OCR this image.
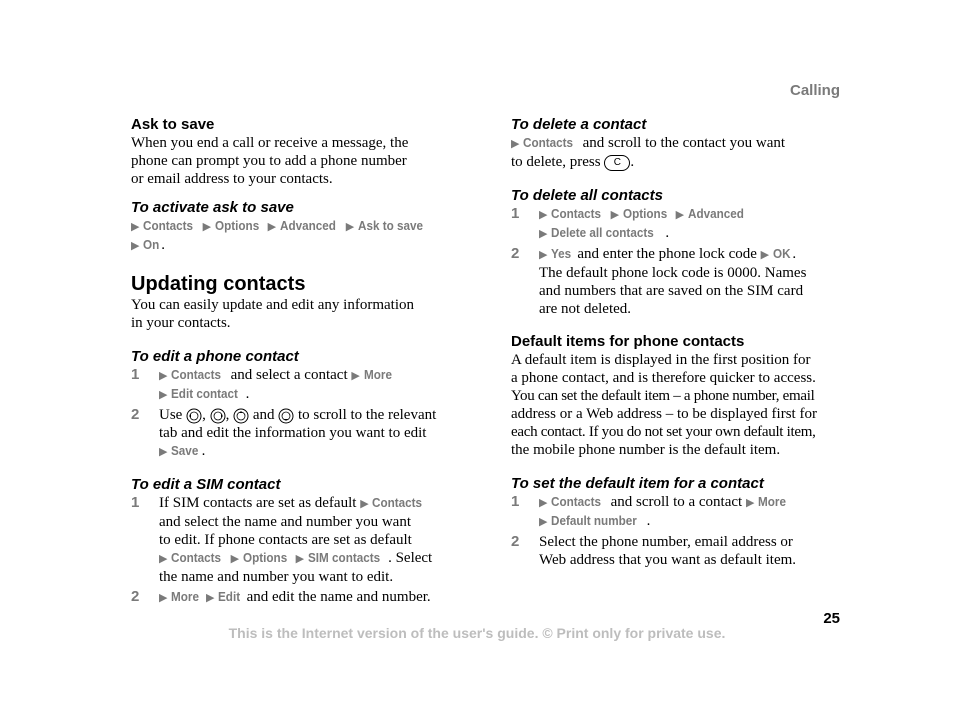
Calling
Ask to save
When you end a call or receive a message, the
phone can prompt you to add a phone number
or email address to your contacts.
To activate ask to save
▶ Contacts ▶ Options ▶ Advanced ▶ Ask to save
▶ On .
Updating contacts
You can easily update and edit any information
in your contacts.
To edit a phone contact
1	▶ Contacts and select a contact ▶ More
▶ Edit contact .
2	Use , ,  and  to scroll to the relevant
tab and edit the information you want to edit
▶ Save .
To edit a SIM contact
1	If SIM contacts are set as default ▶ Contacts
and select the name and number you want
to edit. If phone contacts are set as default
▶ Contacts ▶ Options ▶ SIM contacts . Select
the name and number you want to edit.
2	▶ More ▶ Edit and edit the name and number.
To delete a contact
▶ Contacts and scroll to the contact you want
to delete, press C .
To delete all contacts
1	▶ Contacts ▶ Options ▶ Advanced
▶ Delete all contacts .
2	▶ Yes and enter the phone lock code ▶ OK .
The default phone lock code is 0000. Names
and numbers that are saved on the SIM card
are not deleted.
Default items for phone contacts
A default item is displayed in the first position for
a phone contact, and is therefore quicker to access.
You can set the default item – a phone number, email
address or a Web address – to be displayed first for
each contact. If you do not set your own default item,
the mobile phone number is the default item.
To set the default item for a contact
1	▶ Contacts and scroll to a contact ▶ More
▶ Default number .
2	Select the phone number, email address or
Web address that you want as default item.
25
This is the Internet version of the user's guide. © Print only for private use.
